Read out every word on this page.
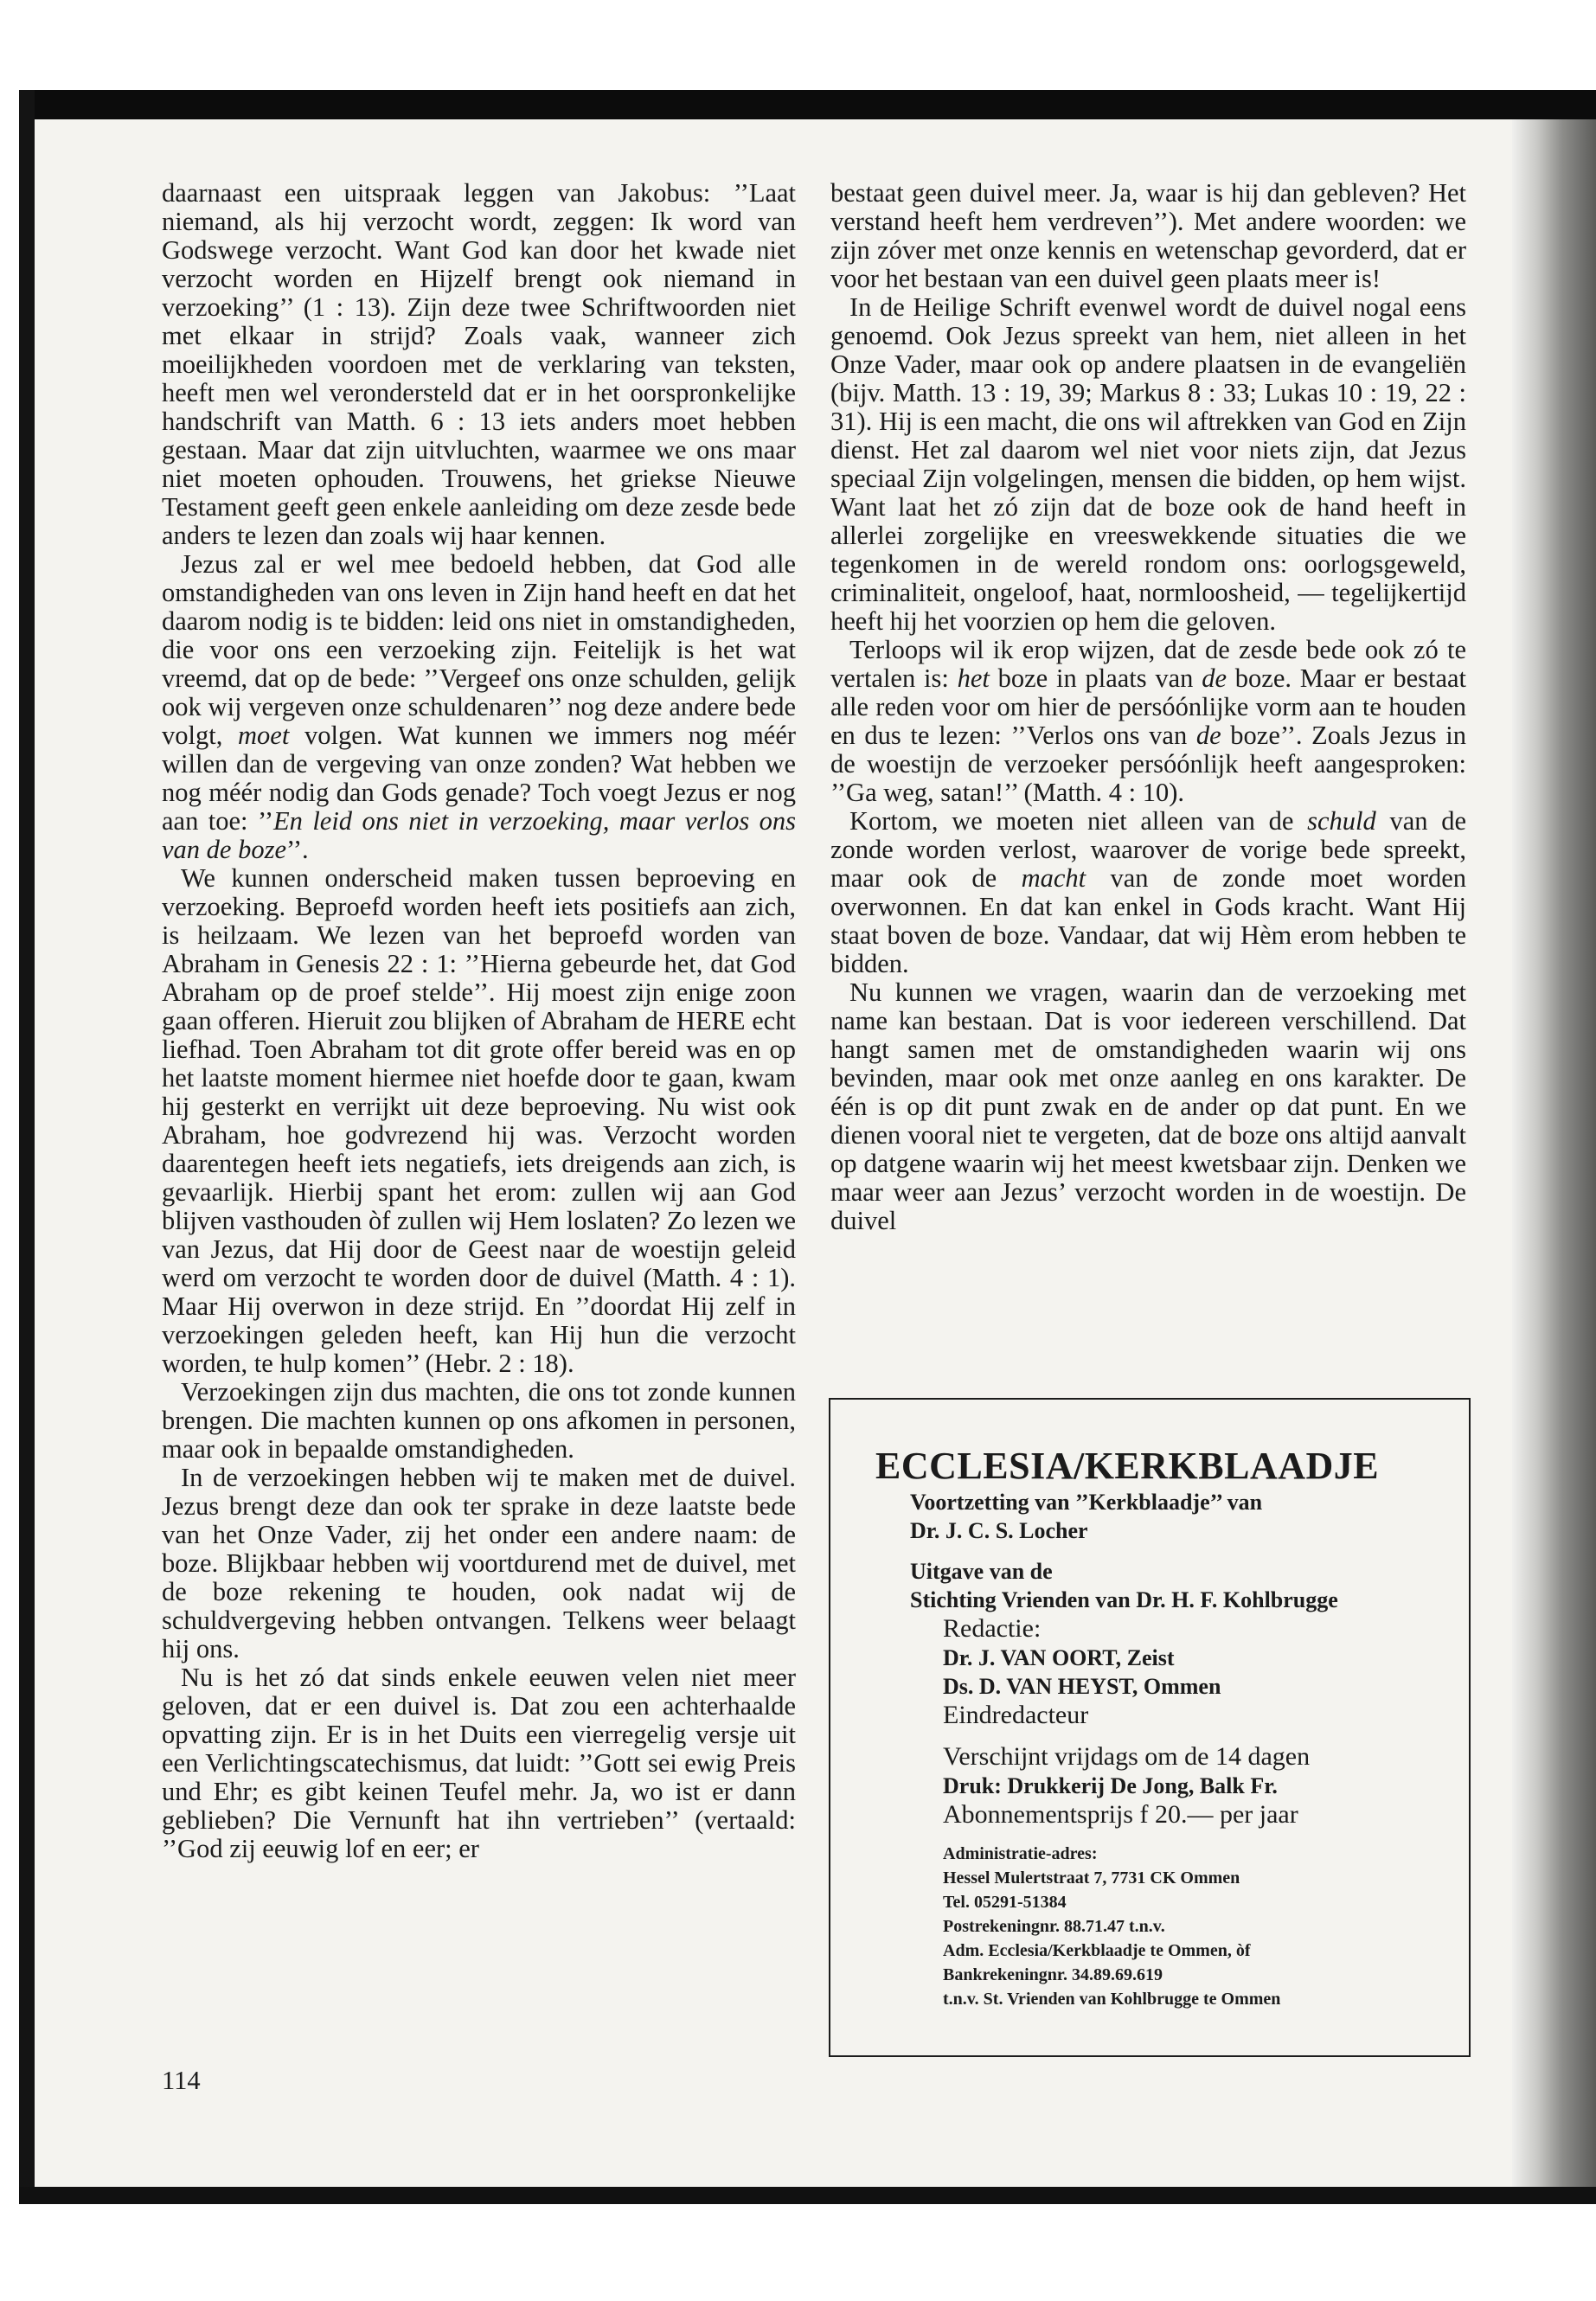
daarnaast een uitspraak leggen van Jakobus: ’’Laat niemand, als hij verzocht wordt, zeggen: Ik word van Godswege verzocht. Want God kan door het kwade niet verzocht worden en Hijzelf brengt ook niemand in verzoeking’’ (1 : 13). Zijn deze twee Schriftwoorden niet met elkaar in strijd? Zoals vaak, wanneer zich moeilijkheden voordoen met de verklaring van teksten, heeft men wel verondersteld dat er in het oorspronkelijke handschrift van Matth. 6 : 13 iets anders moet hebben gestaan. Maar dat zijn uitvluchten, waarmee we ons maar niet moeten ophouden. Trouwens, het griekse Nieuwe Testament geeft geen enkele aanleiding om deze zesde bede anders te lezen dan zoals wij haar kennen.

Jezus zal er wel mee bedoeld hebben, dat God alle omstandigheden van ons leven in Zijn hand heeft en dat het daarom nodig is te bidden: leid ons niet in omstandigheden, die voor ons een verzoeking zijn. Feitelijk is het wat vreemd, dat op de bede: ’’Vergeef ons onze schulden, gelijk ook wij vergeven onze schuldenaren’’ nog deze andere bede volgt, moet volgen. Wat kunnen we immers nog méér willen dan de vergeving van onze zonden? Wat hebben we nog méér nodig dan Gods genade? Toch voegt Jezus er nog aan toe: ’’En leid ons niet in verzoeking, maar verlos ons van de boze’’.

We kunnen onderscheid maken tussen beproeving en verzoeking. Beproefd worden heeft iets positiefs aan zich, is heilzaam. We lezen van het beproefd worden van Abraham in Genesis 22 : 1: ’’Hierna gebeurde het, dat God Abraham op de proef stelde’’. Hij moest zijn enige zoon gaan offeren. Hieruit zou blijken of Abraham de HERE echt liefhad. Toen Abraham tot dit grote offer bereid was en op het laatste moment hiermee niet hoefde door te gaan, kwam hij gesterkt en verrijkt uit deze beproeving. Nu wist ook Abraham, hoe godvrezend hij was. Verzocht worden daarentegen heeft iets negatiefs, iets dreigends aan zich, is gevaarlijk. Hierbij spant het erom: zullen wij aan God blijven vasthouden òf zullen wij Hem loslaten? Zo lezen we van Jezus, dat Hij door de Geest naar de woestijn geleid werd om verzocht te worden door de duivel (Matth. 4 : 1). Maar Hij overwon in deze strijd. En ’’doordat Hij zelf in verzoekingen geleden heeft, kan Hij hun die verzocht worden, te hulp komen’’ (Hebr. 2 : 18).

Verzoekingen zijn dus machten, die ons tot zonde kunnen brengen. Die machten kunnen op ons afkomen in personen, maar ook in bepaalde omstandigheden.

In de verzoekingen hebben wij te maken met de duivel. Jezus brengt deze dan ook ter sprake in deze laatste bede van het Onze Vader, zij het onder een andere naam: de boze. Blijkbaar hebben wij voortdurend met de duivel, met de boze rekening te houden, ook nadat wij de schuldvergeving hebben ontvangen. Telkens weer belaagt hij ons.

Nu is het zó dat sinds enkele eeuwen velen niet meer geloven, dat er een duivel is. Dat zou een achterhaalde opvatting zijn. Er is in het Duits een vierregelig versje uit een Verlichtingscatechismus, dat luidt: ’’Gott sei ewig Preis und Ehr; es gibt keinen Teufel mehr. Ja, wo ist er dann geblieben? Die Vernunft hat ihn vertrieben’’ (vertaald: ’’God zij eeuwig lof en eer; er

114

bestaat geen duivel meer. Ja, waar is hij dan gebleven? Het verstand heeft hem verdreven’’). Met andere woorden: we zijn zóver met onze kennis en wetenschap gevorderd, dat er voor het bestaan van een duivel geen plaats meer is!

In de Heilige Schrift evenwel wordt de duivel nogal eens genoemd. Ook Jezus spreekt van hem, niet alleen in het Onze Vader, maar ook op andere plaatsen in de evangeliën (bijv. Matth. 13 : 19, 39; Markus 8 : 33; Lukas 10 : 19, 22 : 31). Hij is een macht, die ons wil aftrekken van God en Zijn dienst. Het zal daarom wel niet voor niets zijn, dat Jezus speciaal Zijn volgelingen, mensen die bidden, op hem wijst. Want laat het zó zijn dat de boze ook de hand heeft in allerlei zorgelijke en vreeswekkende situaties die we tegenkomen in de wereld rondom ons: oorlogsgeweld, criminaliteit, ongeloof, haat, normloosheid, — tegelijkertijd heeft hij het voorzien op hem die geloven.

Terloops wil ik erop wijzen, dat de zesde bede ook zó te vertalen is: het boze in plaats van de boze. Maar er bestaat alle reden voor om hier de persóónlijke vorm aan te houden en dus te lezen: ’’Verlos ons van de boze’’. Zoals Jezus in de woestijn de verzoeker persóónlijk heeft aangesproken: ’’Ga weg, satan!’’ (Matth. 4 : 10).

Kortom, we moeten niet alleen van de schuld van de zonde worden verlost, waarover de vorige bede spreekt, maar ook de macht van de zonde moet worden overwonnen. En dat kan enkel in Gods kracht. Want Hij staat boven de boze. Vandaar, dat wij Hèm erom hebben te bidden.

Nu kunnen we vragen, waarin dan de verzoeking met name kan bestaan. Dat is voor iedereen verschillend. Dat hangt samen met de omstandigheden waarin wij ons bevinden, maar ook met onze aanleg en ons karakter. De één is op dit punt zwak en de ander op dat punt. En we dienen vooral niet te vergeten, dat de boze ons altijd aanvalt op datgene waarin wij het meest kwetsbaar zijn. Denken we maar weer aan Jezus’ verzocht worden in de woestijn. De duivel

ECCLESIA/KERKBLAADJE
Voortzetting van ’’Kerkblaadje’’ van
Dr. J. C. S. Locher
Uitgave van de
Stichting Vrienden van Dr. H. F. Kohlbrugge
Redactie:
Dr. J. VAN OORT, Zeist
Ds. D. VAN HEYST, Ommen
Eindredacteur
Verschijnt vrijdags om de 14 dagen
Druk: Drukkerij De Jong, Balk Fr.
Abonnementsprijs f 20.— per jaar
Administratie-adres:
Hessel Mulertstraat 7, 7731 CK Ommen
Tel. 05291-51384
Postrekeningnr. 88.71.47 t.n.v.
Adm. Ecclesia/Kerkblaadje te Ommen, òf
Bankrekeningnr. 34.89.69.619
t.n.v. St. Vrienden van Kohlbrugge te Ommen
